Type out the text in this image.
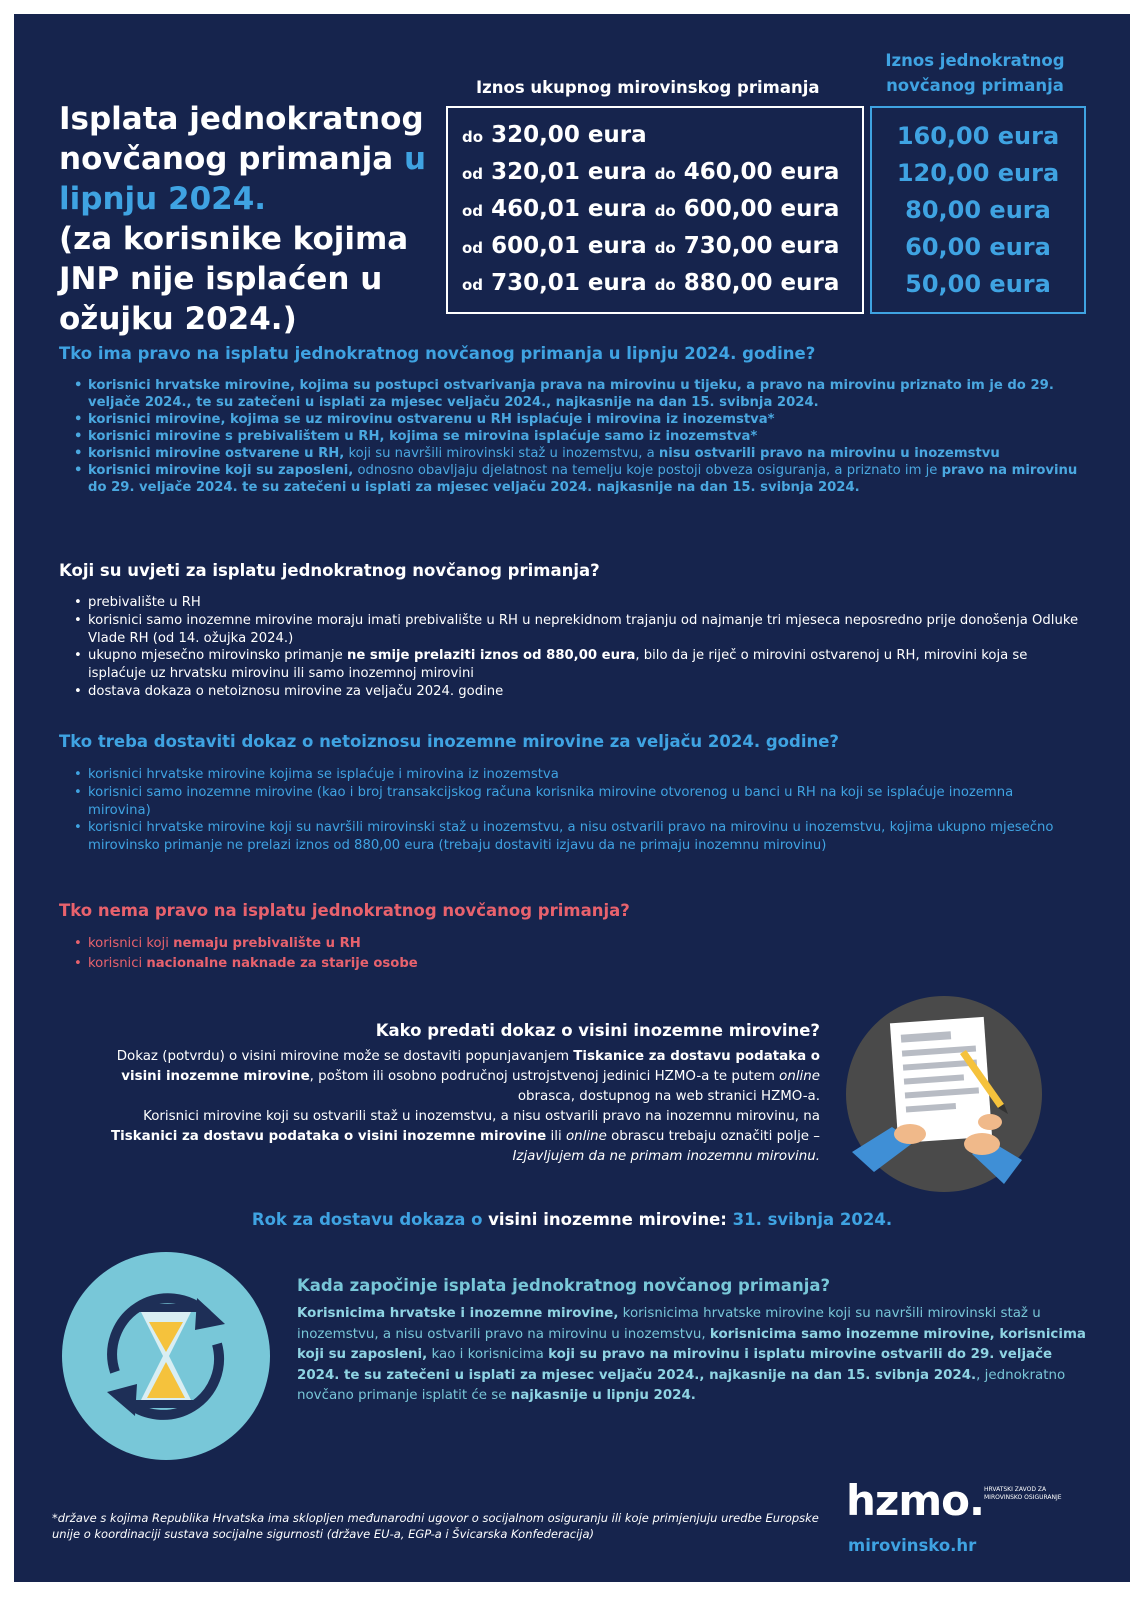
Isplata jednokratnog
novčanog primanja u
lipnju 2024.
(za korisnike kojima
JNP nije isplaćen u
ožujku 2024.)
Iznos ukupnog mirovinskog primanja
Iznos jednokratnog
novčanog primanja
do 320,00 eura
od 320,01 eura do 460,00 eura
od 460,01 eura do 600,00 eura
od 600,01 eura do 730,00 eura
od 730,01 eura do 880,00 eura
160,00 eura
120,00 eura
80,00 eura
60,00 eura
50,00 eura
Tko ima pravo na isplatu jednokratnog novčanog primanja u lipnju 2024. godine?
• korisnici hrvatske mirovine, kojima su postupci ostvarivanja prava na mirovinu u tijeku, a pravo na mirovinu priznato im je do 29. veljače 2024., te su zatečeni u isplati za mjesec veljaču 2024., najkasnije na dan 15. svibnja 2024.
• korisnici mirovine, kojima se uz mirovinu ostvarenu u RH isplaćuje i mirovina iz inozemstva*
• korisnici mirovine s prebivalištem u RH, kojima se mirovina isplaćuje samo iz inozemstva*
• korisnici mirovine ostvarene u RH, koji su navršili mirovinski staž u inozemstvu, a nisu ostvarili pravo na mirovinu u inozemstvu
• korisnici mirovine koji su zaposleni, odnosno obavljaju djelatnost na temelju koje postoji obveza osiguranja, a priznato im je pravo na mirovinu do 29. veljače 2024. te su zatečeni u isplati za mjesec veljaču 2024. najkasnije na dan 15. svibnja 2024.
Koji su uvjeti za isplatu jednokratnog novčanog primanja?
• prebivalište u RH
• korisnici samo inozemne mirovine moraju imati prebivalište u RH u neprekidnom trajanju od najmanje tri mjeseca neposredno prije donošenja Odluke Vlade RH (od 14. ožujka 2024.)
• ukupno mjesečno mirovinsko primanje ne smije prelaziti iznos od 880,00 eura, bilo da je riječ o mirovini ostvarenoj u RH, mirovini koja se isplaćuje uz hrvatsku mirovinu ili samo inozemnoj mirovini
• dostava dokaza o netoiznosu mirovine za veljaču 2024. godine
Tko treba dostaviti dokaz o netoiznosu inozemne mirovine za veljaču 2024. godine?
• korisnici hrvatske mirovine kojima se isplaćuje i mirovina iz inozemstva
• korisnici samo inozemne mirovine (kao i broj transakcijskog računa korisnika mirovine otvorenog u banci u RH na koji se isplaćuje inozemna mirovina)
• korisnici hrvatske mirovine koji su navršili mirovinski staž u inozemstvu, a nisu ostvarili pravo na mirovinu u inozemstvu, kojima ukupno mjesečno mirovinsko primanje ne prelazi iznos od 880,00 eura (trebaju dostaviti izjavu da ne primaju inozemnu mirovinu)
Tko nema pravo na isplatu jednokratnog novčanog primanja?
• korisnici koji nemaju prebivalište u RH
• korisnici nacionalne naknade za starije osobe
Kako predati dokaz o visini inozemne mirovine?
Dokaz (potvrdu) o visini mirovine može se dostaviti popunjavanjem Tiskanice za dostavu podataka o visini inozemne mirovine, poštom ili osobno područnoj ustrojstvenoj jedinici HZMO-a te putem online obrasca, dostupnog na web stranici HZMO-a.
Korisnici mirovine koji su ostvarili staž u inozemstvu, a nisu ostvarili pravo na inozemnu mirovinu, na Tiskanici za dostavu podataka o visini inozemne mirovine ili online obrascu trebaju označiti polje – Izjavljujem da ne primam inozemnu mirovinu.
Rok za dostavu dokaza o visini inozemne mirovine: 31. svibnja 2024.
Kada započinje isplata jednokratnog novčanog primanja?
Korisnicima hrvatske i inozemne mirovine, korisnicima hrvatske mirovine koji su navršili mirovinski staž u inozemstvu, a nisu ostvarili pravo na mirovinu u inozemstvu, korisnicima samo inozemne mirovine, korisnicima koji su zaposleni, kao i korisnicima koji su pravo na mirovinu i isplatu mirovine ostvarili do 29. veljače 2024. te su zatečeni u isplati za mjesec veljaču 2024., najkasnije na dan 15. svibnja 2024., jednokratno novčano primanje isplatit će se najkasnije u lipnju 2024.
*države s kojima Republika Hrvatska ima sklopljen međunarodni ugovor o socijalnom osiguranju ili koje primjenjuju uredbe Europske unije o koordinaciji sustava socijalne sigurnosti (države EU-a, EGP-a i Švicarska Konfederacija)
hzmo. HRVATSKI ZAVOD ZA MIROVINSKO OSIGURANJE
mirovinsko.hr
